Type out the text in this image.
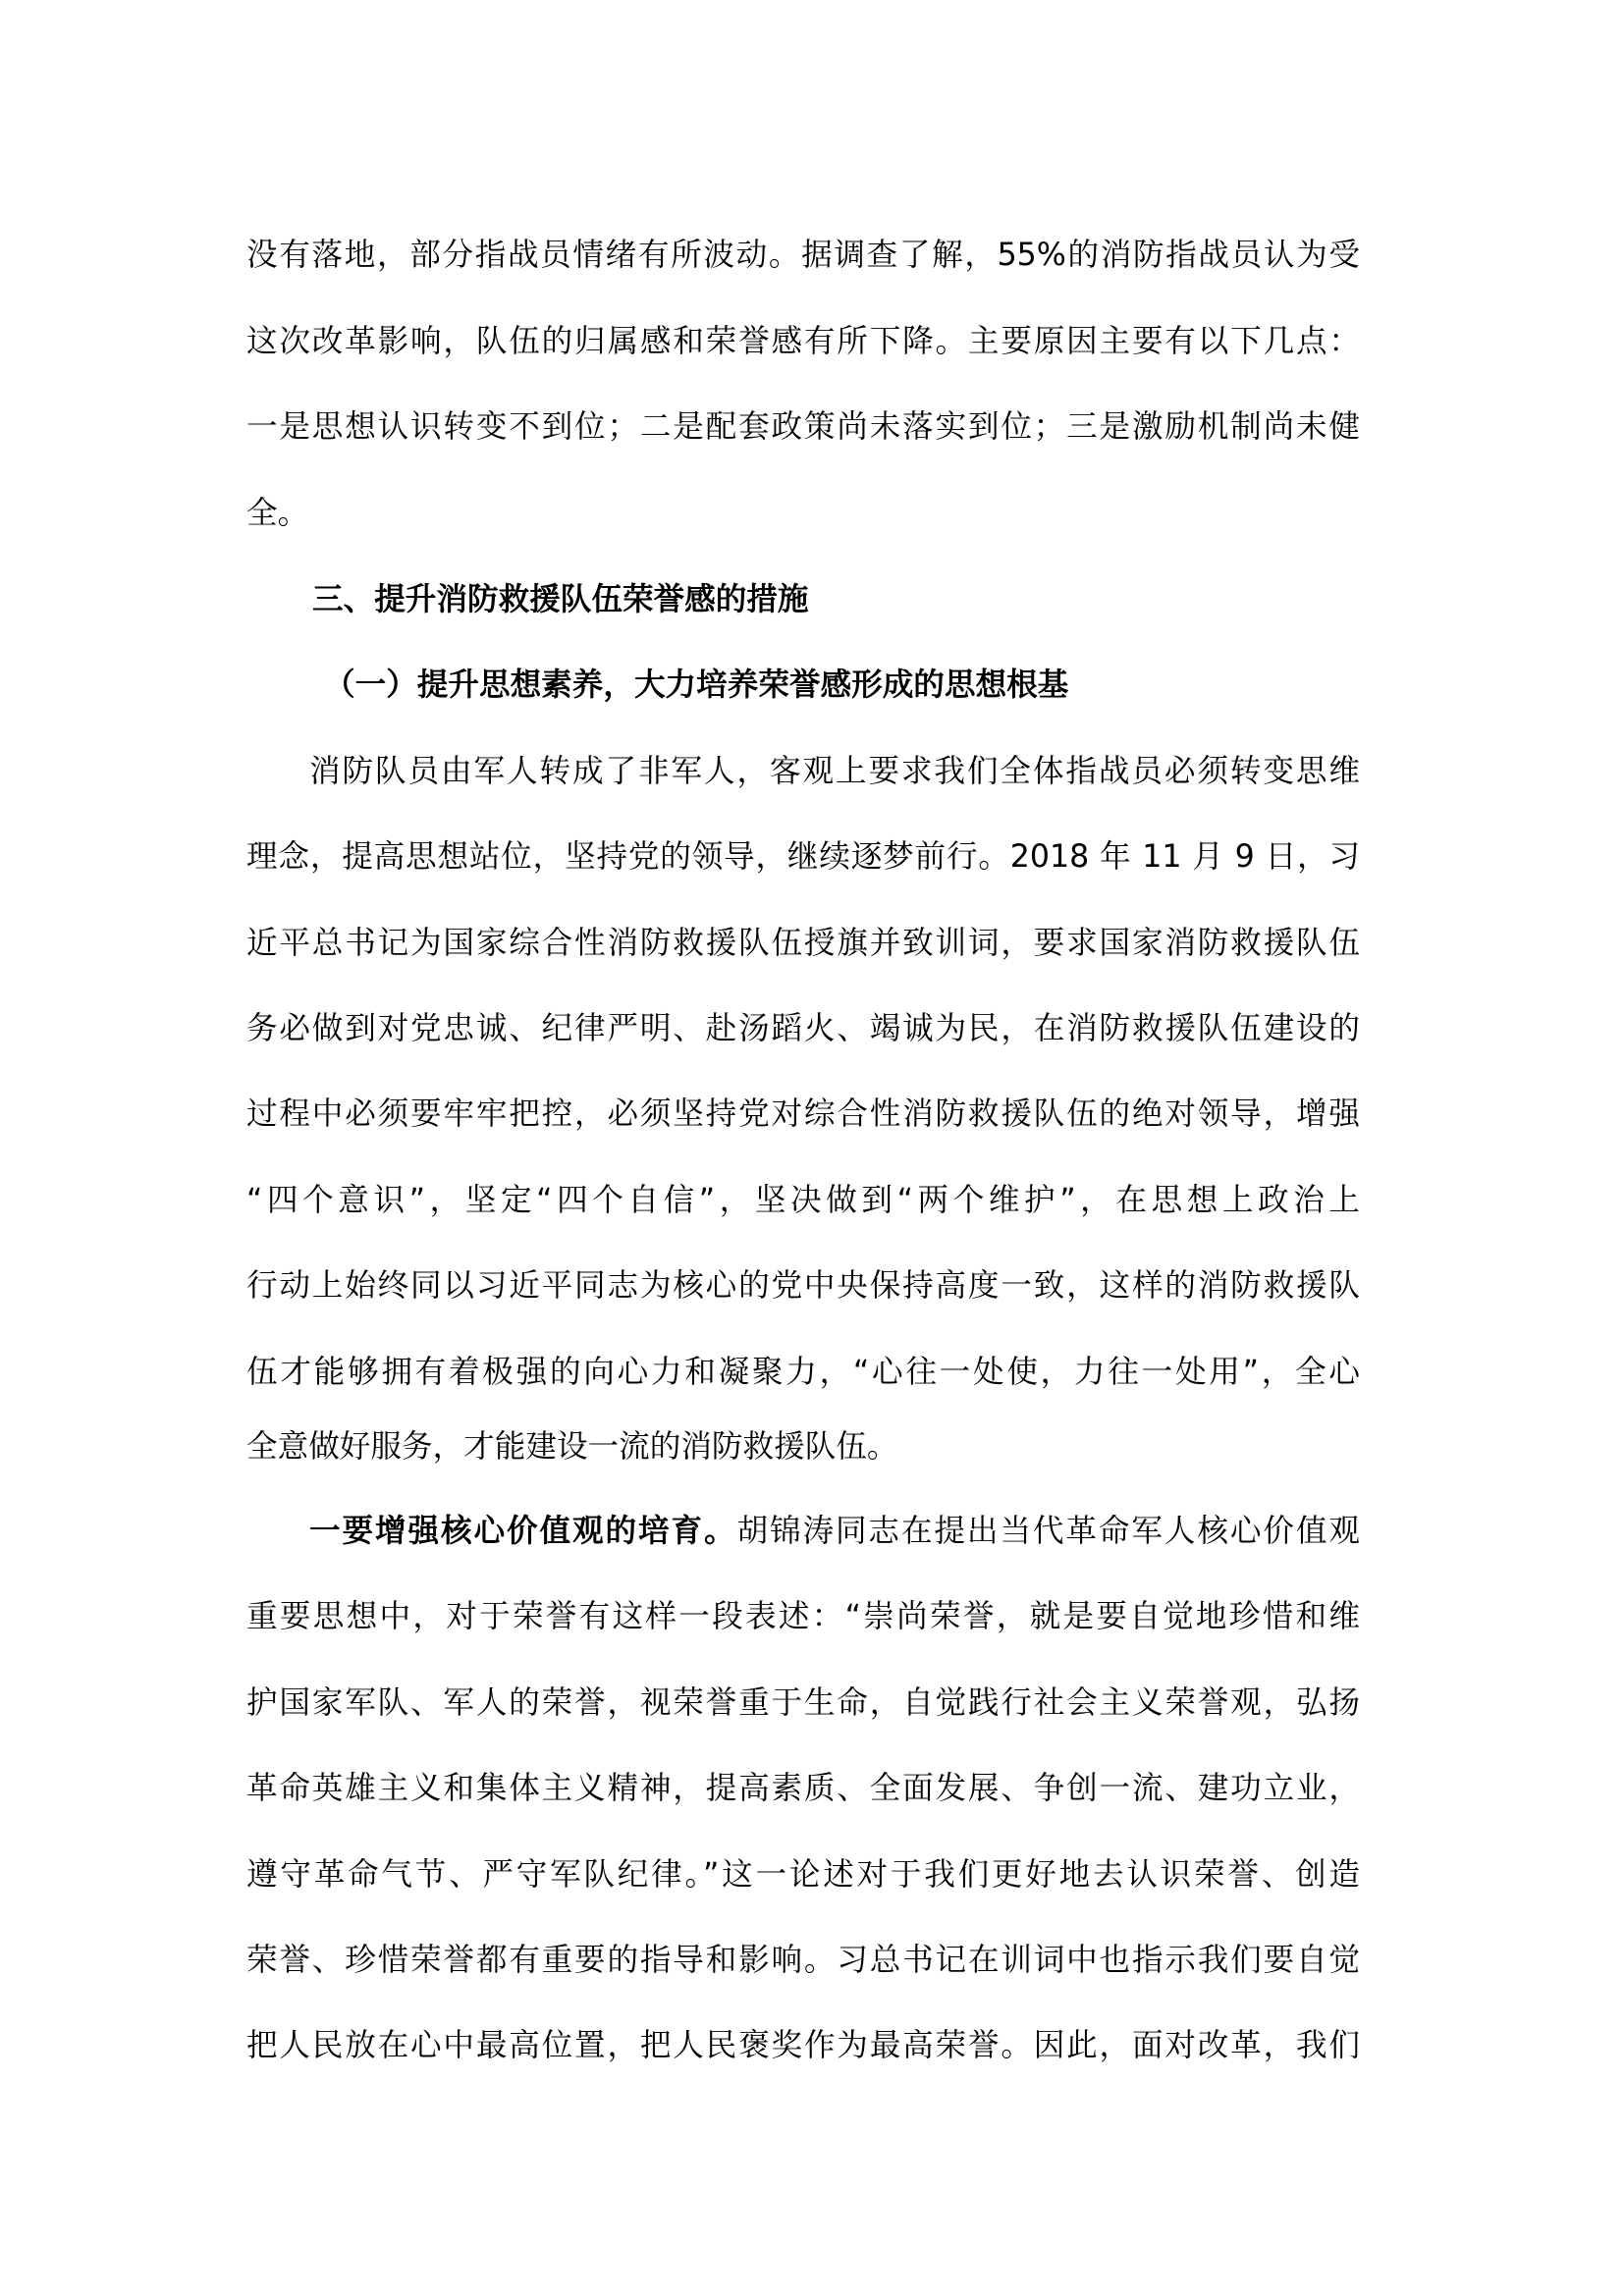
没有落地，部分指战员情绪有所波动。据调查了解，55%的消防指战员认为受
这次改革影响，队伍的归属感和荣誉感有所下降。主要原因主要有以下几点：
一是思想认识转变不到位；二是配套政策尚未落实到位；三是激励机制尚未健
全。
三、提升消防救援队伍荣誉感的措施
（一）提升思想素养，大力培养荣誉感形成的思想根基
消防队员由军人转成了非军人，客观上要求我们全体指战员必须转变思维
理念，提高思想站位，坚持党的领导，继续逐梦前行。2018 年 11 月 9 日，习
近平总书记为国家综合性消防救援队伍授旗并致训词，要求国家消防救援队伍
务必做到对党忠诚、纪律严明、赴汤蹈火、竭诚为民，在消防救援队伍建设的
过程中必须要牢牢把控，必须坚持党对综合性消防救援队伍的绝对领导，增强
“四个意识”，坚定“四个自信”，坚决做到“两个维护”，在思想上政治上
行动上始终同以习近平同志为核心的党中央保持高度一致，这样的消防救援队
伍才能够拥有着极强的向心力和凝聚力，“心往一处使，力往一处用”，全心
全意做好服务，才能建设一流的消防救援队伍。
一要增强核心价值观的培育。胡锦涛同志在提出当代革命军人核心价值观
重要思想中，对于荣誉有这样一段表述：“崇尚荣誉，就是要自觉地珍惜和维
护国家军队、军人的荣誉，视荣誉重于生命，自觉践行社会主义荣誉观，弘扬
革命英雄主义和集体主义精神，提高素质、全面发展、争创一流、建功立业，
遵守革命气节、严守军队纪律。”这一论述对于我们更好地去认识荣誉、创造
荣誉、珍惜荣誉都有重要的指导和影响。习总书记在训词中也指示我们要自觉
把人民放在心中最高位置，把人民褒奖作为最高荣誉。因此，面对改革，我们
